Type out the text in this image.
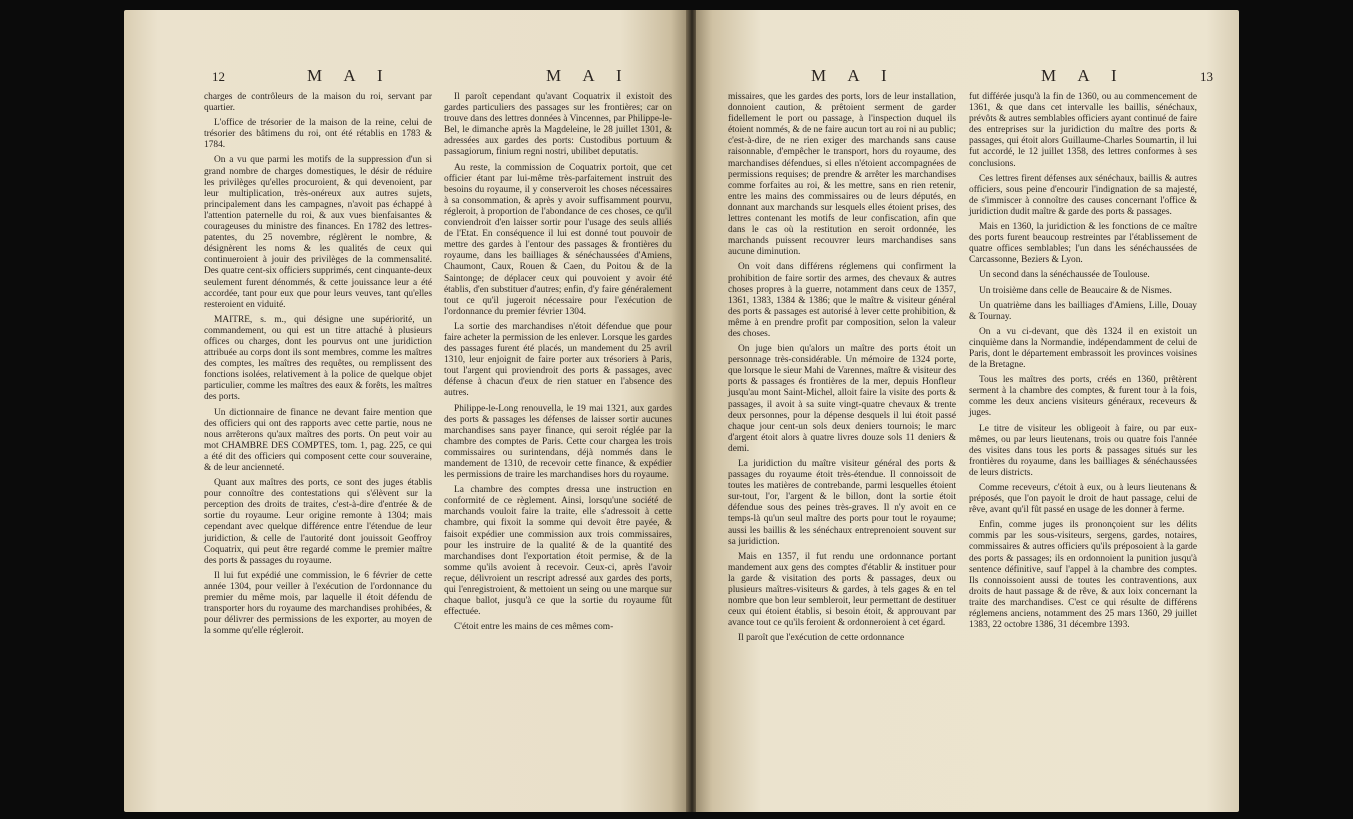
12	M A I	M A I

charges de contrôleurs de la maison du roi, servant par quartier.

L'office de trésorier de la maison de la reine, celui de trésorier des bâtimens du roi, ont été rétablis en 1783 & 1784.

On a vu que parmi les motifs de la suppression d'un si grand nombre de charges domestiques, le désir de réduire les privilèges qu'elles procuroient, & qui devenoient, par leur multiplication, très-onéreux aux autres sujets, principalement dans les campagnes, n'avoit pas échappé à l'attention paternelle du roi, & aux vues bienfaisantes & courageuses du ministre des finances. En 1782 des lettres-patentes, du 25 novembre, réglèrent le nombre, & désignèrent les noms & les qualités de ceux qui continueroient à jouir des privilèges de la commensalité. Des quatre cent-six officiers supprimés, cent cinquante-deux seulement furent dénommés, & cette jouissance leur a été accordée, tant pour eux que pour leurs veuves, tant qu'elles resteroient en viduité.

MAITRE, s. m., qui désigne une supériorité, un commandement, ou qui est un titre attaché à plusieurs offices ou charges, dont les pourvus ont une juridiction attribuée au corps dont ils sont membres, comme les maîtres des comptes, les maîtres des requêtes, ou remplissent des fonctions isolées, relativement à la police de quelque objet particulier, comme les maîtres des eaux & forêts, les maîtres des ports.

Un dictionnaire de finance ne devant faire mention que des officiers qui ont des rapports avec cette partie, nous ne nous arrêterons qu'aux maîtres des ports. On peut voir au mot CHAMBRE DES COMPTES, tom. 1, pag. 225, ce qui a été dit des officiers qui composent cette cour souveraine, & de leur ancienneté.

Quant aux maîtres des ports, ce sont des juges établis pour connoître des contestations qui s'élèvent sur la perception des droits de traites, c'est-à-dire d'entrée & de sortie du royaume. Leur origine remonte à 1304; mais cependant avec quelque différence entre l'étendue de leur juridiction, & celle de l'autorité dont jouissoit Geoffroy Coquatrix, qui peut être regardé comme le premier maître des ports & passages du royaume.

Il lui fut expédié une commission, le 6 février de cette année 1304, pour veiller à l'exécution de l'ordonnance du premier du même mois, par laquelle il étoit défendu de transporter hors du royaume des marchandises prohibées, & pour délivrer des permissions de les exporter, au moyen de la somme qu'elle régleroit.

Il paroît cependant qu'avant Coquatrix il existoit des gardes particuliers des passages sur les frontières; car on trouve dans des lettres données à Vincennes, par Philippe-le-Bel, le dimanche après la Magdeleine, le 28 juillet 1301, & adressées aux gardes des ports: Custodibus portuum & passagiorum, finium regni nostri, ubilibet deputatis.

Au reste, la commission de Coquatrix portoit, que cet officier étant par lui-même très-parfaitement instruit des besoins du royaume, il y conserveroit les choses nécessaires à sa consommation, & après y avoir suffisamment pourvu, régleroit, à proportion de l'abondance de ces choses, ce qu'il conviendroit d'en laisser sortir pour l'usage des seuls alliés de l'Etat. En conséquence il lui est donné tout pouvoir de mettre des gardes à l'entour des passages & frontières du royaume, dans les bailliages & sénéchaussées d'Amiens, Chaumont, Caux, Rouen & Caen, du Poitou & de la Saintonge; de déplacer ceux qui pouvoient y avoir été établis, d'en substituer d'autres; enfin, d'y faire généralement tout ce qu'il jugeroit nécessaire pour l'exécution de l'ordonnance du premier février 1304.

La sortie des marchandises n'étoit défendue que pour faire acheter la permission de les enlever. Lorsque les gardes des passages furent été placés, un mandement du 25 avril 1310, leur enjoignit de faire porter aux trésoriers à Paris, tout l'argent qui proviendroit des ports & passages, avec défense à chacun d'eux de rien statuer en l'absence des autres.

Philippe-le-Long renouvella, le 19 mai 1321, aux gardes des ports & passages les défenses de laisser sortir aucunes marchandises sans payer finance, qui seroit réglée par la chambre des comptes de Paris. Cette cour chargea les trois commissaires ou surintendans, déjà nommés dans le mandement de 1310, de recevoir cette finance, & expédier les permissions de traire les marchandises hors du royaume.

La chambre des comptes dressa une instruction en conformité de ce règlement. Ainsi, lorsqu'une société de marchands vouloit faire la traite, elle s'adressoit à cette chambre, qui fixoit la somme qui devoit être payée, & faisoit expédier une commission aux trois commissaires, pour les instruire de la qualité & de la quantité des marchandises dont l'exportation étoit permise, & de la somme qu'ils avoient à recevoir. Ceux-ci, après l'avoir reçue, délivroient un rescript adressé aux gardes des ports, qui l'enregistroient, & mettoient un seing ou une marque sur chaque ballot, jusqu'à ce que la sortie du royaume fût effectuée.

C'étoit entre les mains de ces mêmes com-

M A I	M A I	13

missaires, que les gardes des ports, lors de leur installation, donnoient caution, & prêtoient serment de garder fidellement le port ou passage, à l'inspection duquel ils étoient nommés, & de ne faire aucun tort au roi ni au public; c'est-à-dire, de ne rien exiger des marchands sans cause raisonnable, d'empêcher le transport, hors du royaume, des marchandises défendues, si elles n'étoient accompagnées de permissions requises; de prendre & arrêter les marchandises comme forfaites au roi, & les mettre, sans en rien retenir, entre les mains des commissaires ou de leurs députés, en donnant aux marchands sur lesquels elles étoient prises, des lettres contenant les motifs de leur confiscation, afin que dans le cas où la restitution en seroit ordonnée, les marchands puissent recouvrer leurs marchandises sans aucune diminution.

On voit dans différens réglemens qui confirment la prohibition de faire sortir des armes, des chevaux & autres choses propres à la guerre, notamment dans ceux de 1357, 1361, 1383, 1384 & 1386; que le maître & visiteur général des ports & passages est autorisé à lever cette prohibition, & même à en prendre profit par composition, selon la valeur des choses.

On juge bien qu'alors un maître des ports étoit un personnage très-considérable. Un mémoire de 1324 porte, que lorsque le sieur Mahi de Varennes, maître & visiteur des ports & passages és frontières de la mer, depuis Honfleur jusqu'au mont Saint-Michel, alloit faire la visite des ports & passages, il avoit à sa suite vingt-quatre chevaux & trente deux personnes, pour la dépense desquels il lui étoit passé chaque jour cent-un sols deux deniers tournois; le marc d'argent étoit alors à quatre livres douze sols 11 deniers & demi.

La juridiction du maître visiteur général des ports & passages du royaume étoit très-étendue. Il connoissoit de toutes les matières de contrebande, parmi lesquelles étoient sur-tout, l'or, l'argent & le billon, dont la sortie étoit défendue sous des peines très-graves. Il n'y avoit en ce temps-là qu'un seul maître des ports pour tout le royaume; aussi les baillis & les sénéchaux entreprenoient souvent sur sa juridiction.

Mais en 1357, il fut rendu une ordonnance portant mandement aux gens des comptes d'établir & instituer pour la garde & visitation des ports & passages, deux ou plusieurs maîtres-visiteurs & gardes, à tels gages & en tel nombre que bon leur sembleroit, leur permettant de destituer ceux qui étoient établis, si besoin étoit, & approuvant par avance tout ce qu'ils feroient & ordonneroient à cet égard.

Il paroît que l'exécution de cette ordonnance

fut différée jusqu'à la fin de 1360, ou au commencement de 1361, & que dans cet intervalle les baillis, sénéchaux, prévôts & autres semblables officiers ayant continué de faire des entreprises sur la juridiction du maître des ports & passages, qui étoit alors Guillaume-Charles Soumartin, il lui fut accordé, le 12 juillet 1358, des lettres conformes à ses conclusions.

Ces lettres firent défenses aux sénéchaux, baillis & autres officiers, sous peine d'encourir l'indignation de sa majesté, de s'immiscer à connoître des causes concernant l'office & juridiction dudit maître & garde des ports & passages.

Mais en 1360, la juridiction & les fonctions de ce maître des ports furent beaucoup restreintes par l'établissement de quatre offices semblables; l'un dans les sénéchaussées de Carcassonne, Beziers & Lyon.

Un second dans la sénéchaussée de Toulouse.

Un troisième dans celle de Beaucaire & de Nismes.

Un quatrième dans les bailliages d'Amiens, Lille, Douay & Tournay.

On a vu ci-devant, que dès 1324 il en existoit un cinquième dans la Normandie, indépendamment de celui de Paris, dont le département embrassoit les provinces voisines de la Bretagne.

Tous les maîtres des ports, créés en 1360, prêtèrent serment à la chambre des comptes, & furent tour à la fois, comme les deux anciens visiteurs généraux, receveurs & juges.

Le titre de visiteur les obligeoit à faire, ou par eux-mêmes, ou par leurs lieutenans, trois ou quatre fois l'année des visites dans tous les ports & passages situés sur les frontières du royaume, dans les bailliages & sénéchaussées de leurs districts.

Comme receveurs, c'étoit à eux, ou à leurs lieutenans & préposés, que l'on payoit le droit de haut passage, celui de rêve, avant qu'il fût passé en usage de les donner à ferme.

Enfin, comme juges ils prononçoient sur les délits commis par les sous-visiteurs, sergens, gardes, notaires, commissaires & autres officiers qu'ils préposoient à la garde des ports & passages; ils en ordonnoient la punition jusqu'à sentence définitive, sauf l'appel à la chambre des comptes. Ils connoissoient aussi de toutes les contraventions, aux droits de haut passage & de rêve, & aux loix concernant la traite des marchandises. C'est ce qui résulte de différens réglemens anciens, notamment des 25 mars 1360, 29 juillet 1383, 22 octobre 1386, 31 décembre 1393.
